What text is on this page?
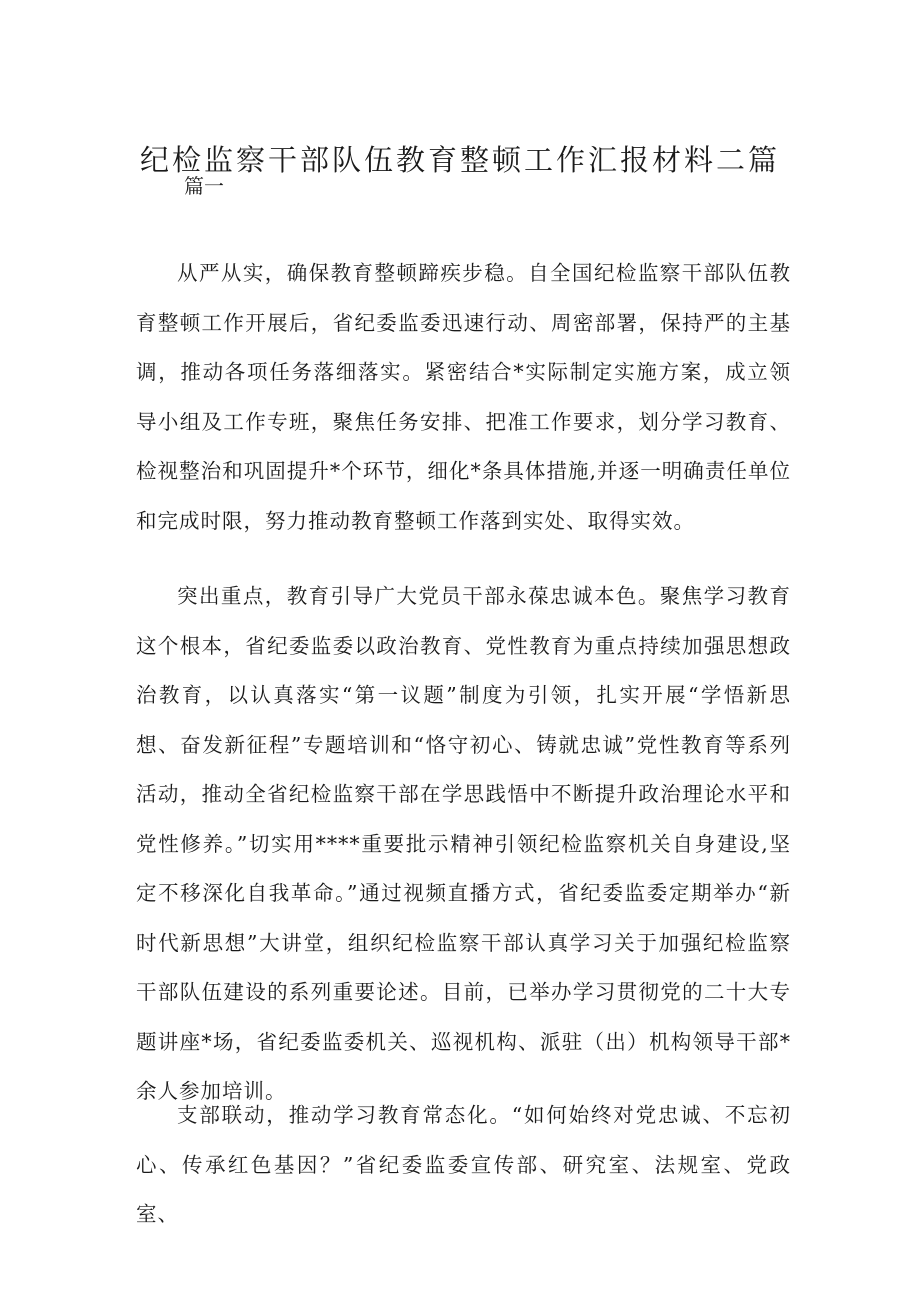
纪检监察干部队伍教育整顿工作汇报材料二篇

篇一

从严从实，确保教育整顿蹄疾步稳。自全国纪检监察干部队伍教育整顿工作开展后，省纪委监委迅速行动、周密部署，保持严的主基调，推动各项任务落细落实。紧密结合*实际制定实施方案，成立领导小组及工作专班，聚焦任务安排、把准工作要求，划分学习教育、检视整治和巩固提升*个环节，细化*条具体措施,并逐一明确责任单位和完成时限，努力推动教育整顿工作落到实处、取得实效。

突出重点，教育引导广大党员干部永葆忠诚本色。聚焦学习教育这个根本，省纪委监委以政治教育、党性教育为重点持续加强思想政治教育，以认真落实“第一议题”制度为引领，扎实开展“学悟新思想、奋发新征程”专题培训和“恪守初心、铸就忠诚”党性教育等系列活动，推动全省纪检监察干部在学思践悟中不断提升政治理论水平和党性修养。”切实用****重要批示精神引领纪检监察机关自身建设,坚定不移深化自我革命。”通过视频直播方式，省纪委监委定期举办“新时代新思想”大讲堂，组织纪检监察干部认真学习关于加强纪检监察干部队伍建设的系列重要论述。目前，已举办学习贯彻党的二十大专题讲座*场，省纪委监委机关、巡视机构、派驻（出）机构领导干部*余人参加培训。

支部联动，推动学习教育常态化。“如何始终对党忠诚、不忘初心、传承红色基因？”省纪委监委宣传部、研究室、法规室、党政室、
